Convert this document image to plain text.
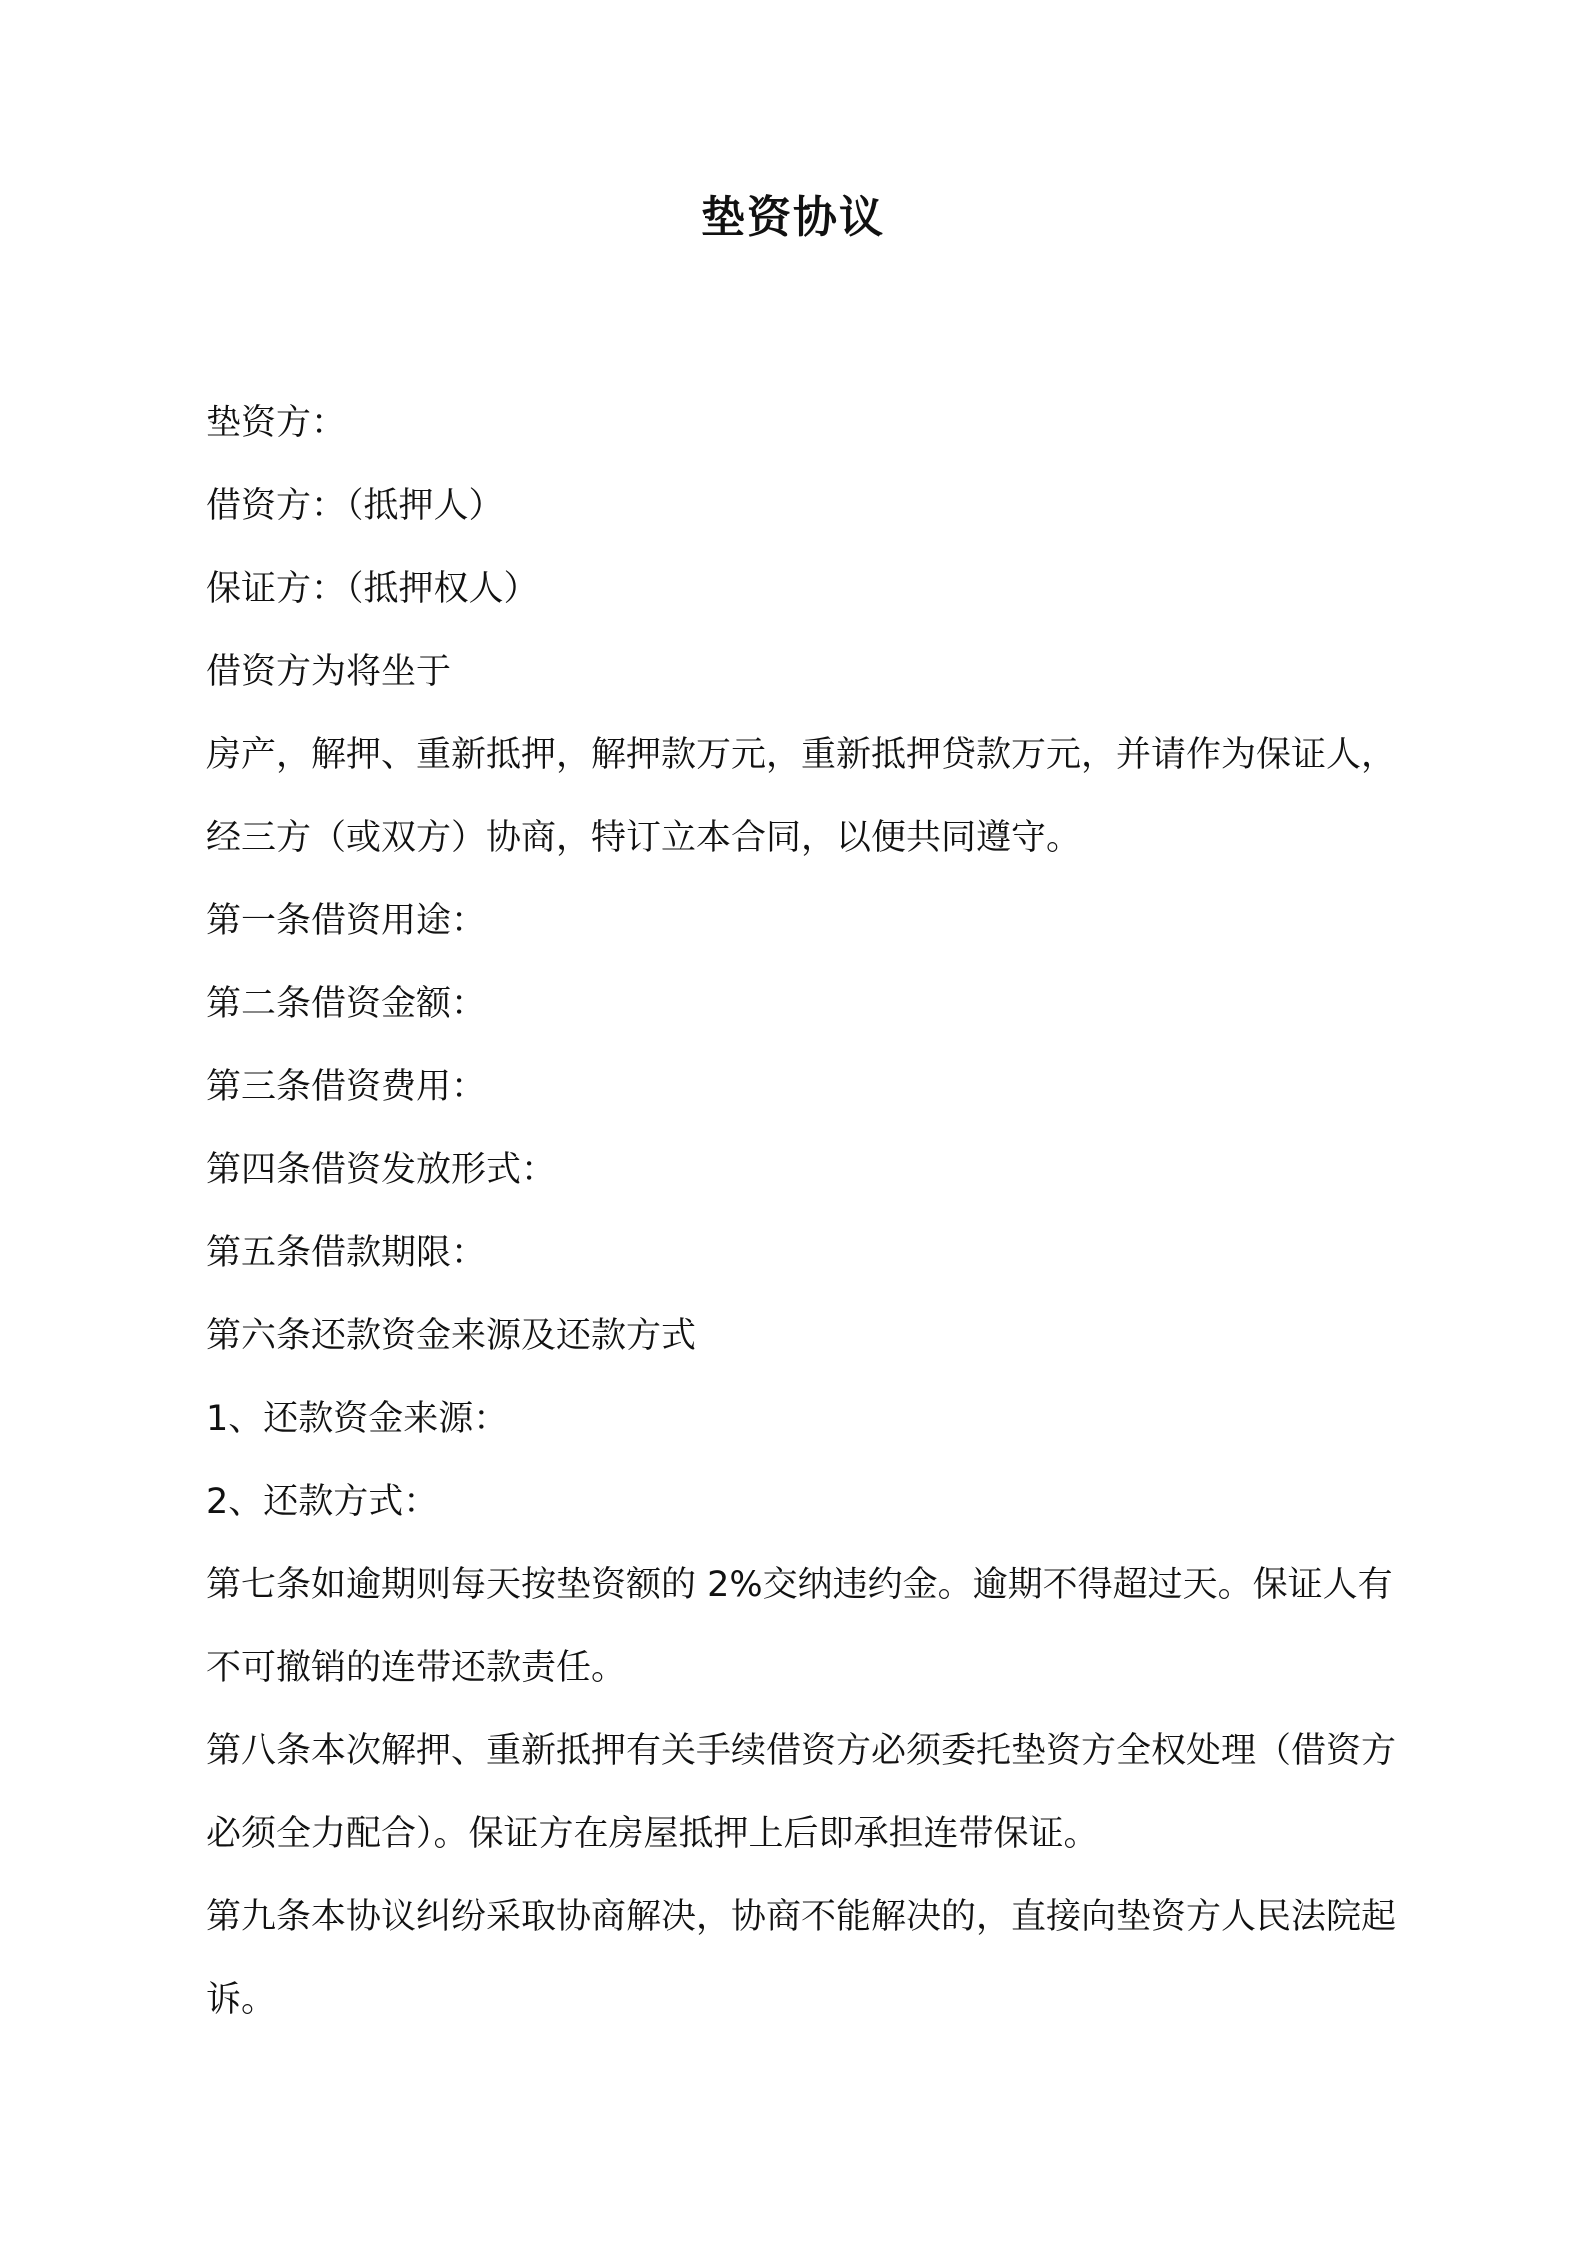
垫资协议

垫资方：

借资方：（抵押人）

保证方：（抵押权人）

借资方为将坐于

房产，解押、重新抵押，解押款万元，重新抵押贷款万元，并请作为保证人，经三方（或双方）协商，特订立本合同，以便共同遵守。

第一条借资用途：

第二条借资金额：

第三条借资费用：

第四条借资发放形式：

第五条借款期限：

第六条还款资金来源及还款方式

1、还款资金来源：

2、还款方式：

第七条如逾期则每天按垫资额的 2%交纳违约金。逾期不得超过天。保证人有不可撤销的连带还款责任。

第八条本次解押、重新抵押有关手续借资方必须委托垫资方全权处理（借资方必须全力配合）。保证方在房屋抵押上后即承担连带保证。

第九条本协议纠纷采取协商解决，协商不能解决的，直接向垫资方人民法院起诉。
